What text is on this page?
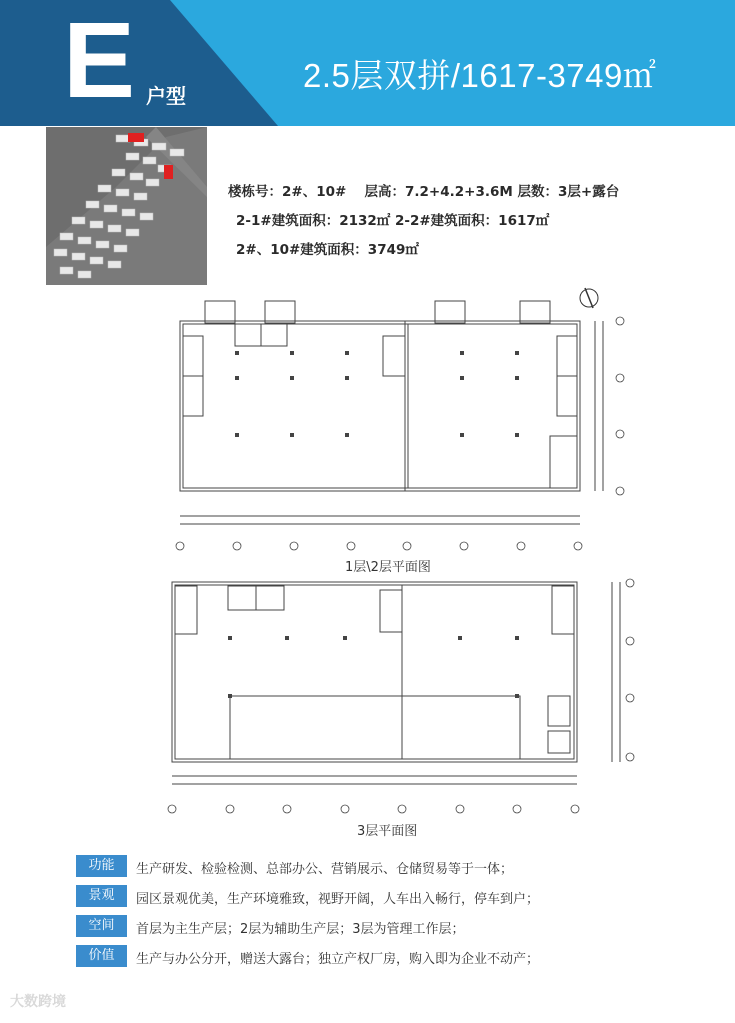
E 户型
2.5层双拼/1617-3749㎡
楼栋号：2#、10#　 层高：7.2+4.2+3.6M 层数：3层+露台
2-1#建筑面积：2132㎡ 2-2#建筑面积：1617㎡
2#、10#建筑面积：3749㎡
1层\2层平面图
3层平面图
功能	生产研发、检验检测、总部办公、营销展示、仓储贸易等于一体；
景观	园区景观优美，生产环境雅致，视野开阔，人车出入畅行，停车到户；
空间	首层为主生产层；2层为辅助生产层；3层为管理工作层；
价值	生产与办公分开，赠送大露台；独立产权厂房，购入即为企业不动产；
大数跨境
